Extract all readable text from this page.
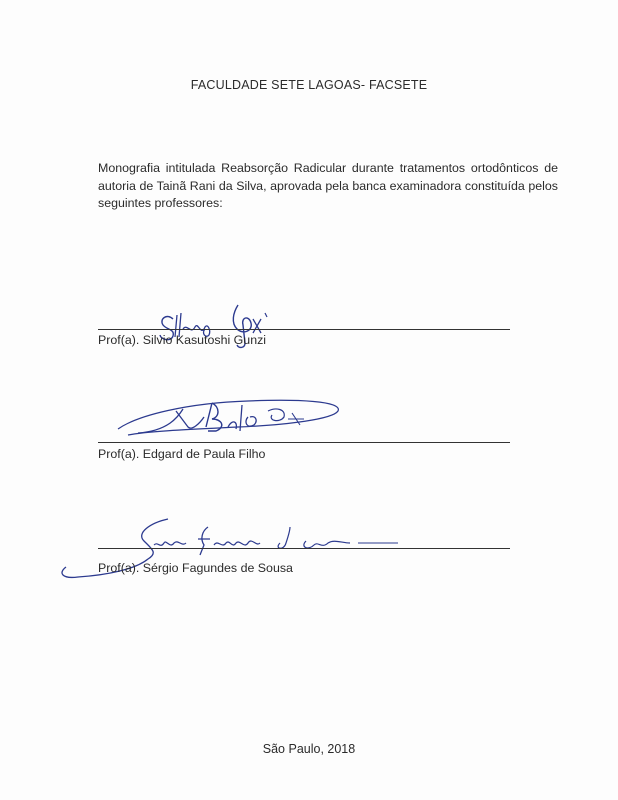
FACULDADE SETE LAGOAS- FACSETE
Monografia intitulada Reabsorção Radicular durante tratamentos ortodônticos de autoria de Tainã Rani da Silva, aprovada pela banca examinadora constituída pelos seguintes professores:
Prof(a). Silvio Kasutoshi Gunzi
Prof(a). Edgard de Paula Filho
Prof(a). Sérgio Fagundes de Sousa
São Paulo, 2018
